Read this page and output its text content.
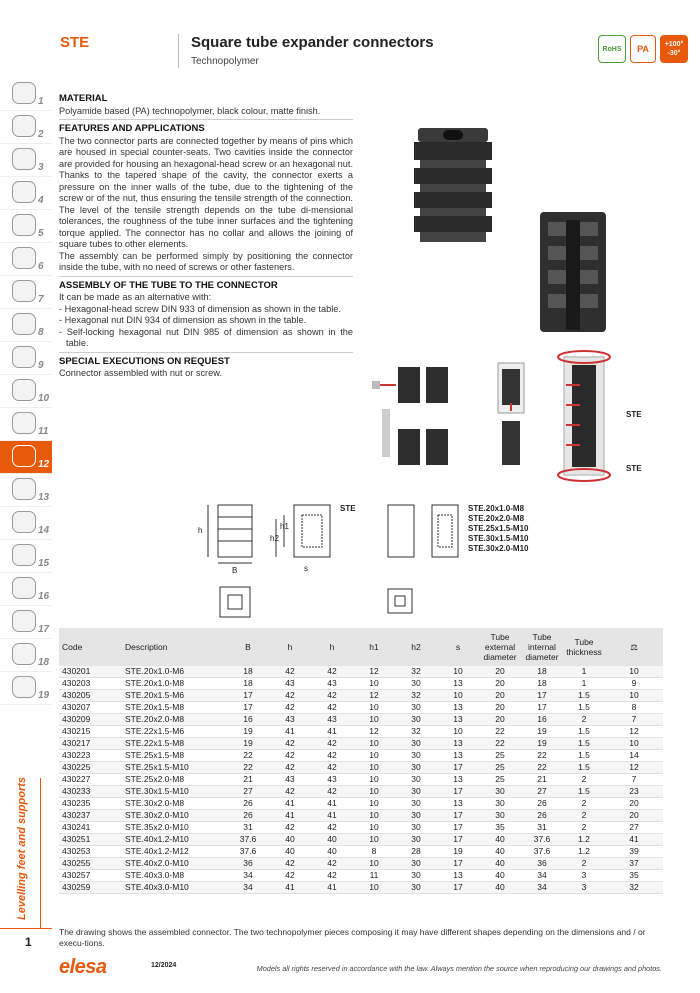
STE	Square tube expander connectors
Technopolymer
RoHS	PA	+100°
-30°
1
2
3
4
5
6
7
8
9
10
11
12
13
14
15
16
17
18
19
Levelling feet and supports
1
MATERIAL

Polyamide based (PA) technopolymer, black colour, matte finish.

FEATURES AND APPLICATIONS

The two connector parts are connected together by means of pins which are housed in special counter-seats. Two cavities inside the connector are provided for housing an hexagonal-head screw or an hexagonal nut. Thanks to the tapered shape of the cavity, the connector exerts a pressure on the inner walls of the tube, due to the tightening of the screw or of the nut, thus ensuring the tensile strength of the connection. The level of the tensile strength depends on the tube di-mensional tolerances, the roughness of the tube inner surfaces and the tightening torque applied. The connector has no collar and allows the joining of square tubes to other elements.

The assembly can be performed simply by positioning the connector inside the tube, with no need of screws or other fasteners.

ASSEMBLY OF THE TUBE TO THE CONNECTOR

It can be made as an alternative with:

- Hexagonal-head screw DIN 933 of dimension as shown in the table.
- Hexagonal nut DIN 934 of dimension as shown in the table.
- Self-locking hexagonal nut DIN 985 of dimension as shown in the table.
SPECIAL EXECUTIONS ON REQUEST

Connector assembled with nut or screw.

STE
STE
h
B
h1
h2
s
STE	STE.20x1.0-M8
STE.20x2.0-M8
STE.25x1.5-M10
STE.30x1.5-M10
STE.30x2.0-M10
Code	Description	B	h	h	h1	h2	s	Tube external diameter	Tube internal diameter	Tube thickness	⚖
430201	STE.20x1.0-M6	18	42	42	12	32	10	20	18	1	10
430203	STE.20x1.0-M8	18	43	43	10	30	13	20	18	1	9
430205	STE.20x1.5-M6	17	42	42	12	32	10	20	17	1.5	10
430207	STE.20x1.5-M8	17	42	42	10	30	13	20	17	1.5	8
430209	STE.20x2.0-M8	16	43	43	10	30	13	20	16	2	7
430215	STE.22x1.5-M6	19	41	41	12	32	10	22	19	1.5	12
430217	STE.22x1.5-M8	19	42	42	10	30	13	22	19	1.5	10
430223	STE.25x1.5-M8	22	42	42	10	30	13	25	22	1.5	14
430225	STE.25x1.5-M10	22	42	42	10	30	17	25	22	1.5	12
430227	STE.25x2.0-M8	21	43	43	10	30	13	25	21	2	7
430233	STE.30x1.5-M10	27	42	42	10	30	17	30	27	1.5	23
430235	STE.30x2.0-M8	26	41	41	10	30	13	30	26	2	20
430237	STE.30x2.0-M10	26	41	41	10	30	17	30	26	2	20
430241	STE.35x2.0-M10	31	42	42	10	30	17	35	31	2	27
430251	STE.40x1.2-M10	37.6	40	40	10	30	17	40	37.6	1.2	41
430253	STE.40x1.2-M12	37.6	40	40	8	28	19	40	37.6	1.2	39
430255	STE.40x2.0-M10	36	42	42	10	30	17	40	36	2	37
430257	STE.40x3.0-M8	34	42	42	11	30	13	40	34	3	35
430259	STE.40x3.0-M10	34	41	41	10	30	17	40	34	3	32
The drawing shows the assembled connector. The two technopolymer pieces composing it may have different shapes depending on the dimensions and / or execu-tions.
elesa	12/2024	Models all rights reserved in accordance with the law. Always mention the source when reproducing our drawings and photos.
